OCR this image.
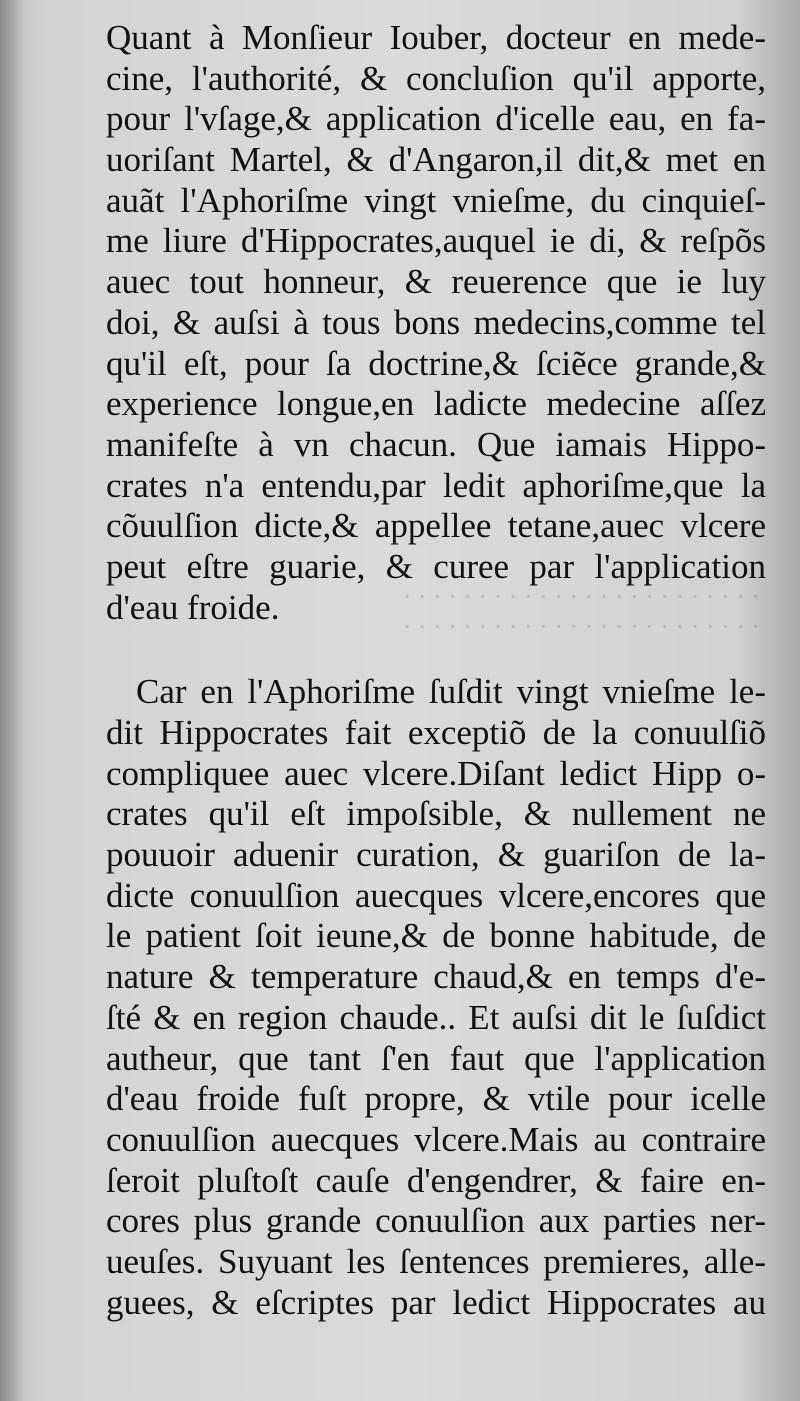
· · · · · · · · · · · · · · · · · · · · · · · ·
· · · · · · · · · · · · · · · · · · · · · · · ·
Quant à Monſieur Iouber, docteur en mede-
cine, l'authorité, & concluſion qu'il apporte,
pour l'vſage,& application d'icelle eau, en fa-
uoriſant Martel, & d'Angaron,il dit,& met en
auãt l'Aphoriſme vingt vnieſme, du cinquieſ-
me liure d'Hippocrates,auquel ie di, & reſpõs
auec tout honneur, & reuerence que ie luy
doi, & auſsi à tous bons medecins,comme tel
qu'il eſt, pour ſa doctrine,& ſciẽce grande,&
experience longue,en ladicte medecine aſſez
manifeſte à vn chacun. Que iamais Hippo-
crates n'a entendu,par ledit aphoriſme,que la
cõuulſion dicte,& appellee tetane,auec vlcere
peut eſtre guarie, & curee par l'application
d'eau froide.
Car en l'Aphoriſme ſuſdit vingt vnieſme le-
dit Hippocrates fait exceptiõ de la conuulſiõ
compliquee auec vlcere.Diſant ledict Hipp o-
crates qu'il eſt impoſsible, & nullement ne
pouuoir aduenir curation, & guariſon de la-
dicte conuulſion auecques vlcere,encores que
le patient ſoit ieune,& de bonne habitude, de
nature & temperature chaud,& en temps d'e-
ſté & en region chaude.. Et auſsi dit le ſuſdict
autheur, que tant ſ'en faut que l'application
d'eau froide fuſt propre, & vtile pour icelle
conuulſion auecques vlcere.Mais au contraire
ſeroit pluſtoſt cauſe d'engendrer, & faire en-
cores plus grande conuulſion aux parties ner-
ueuſes. Suyuant les ſentences premieres, alle-
guees, & eſcriptes par ledict Hippocrates au
